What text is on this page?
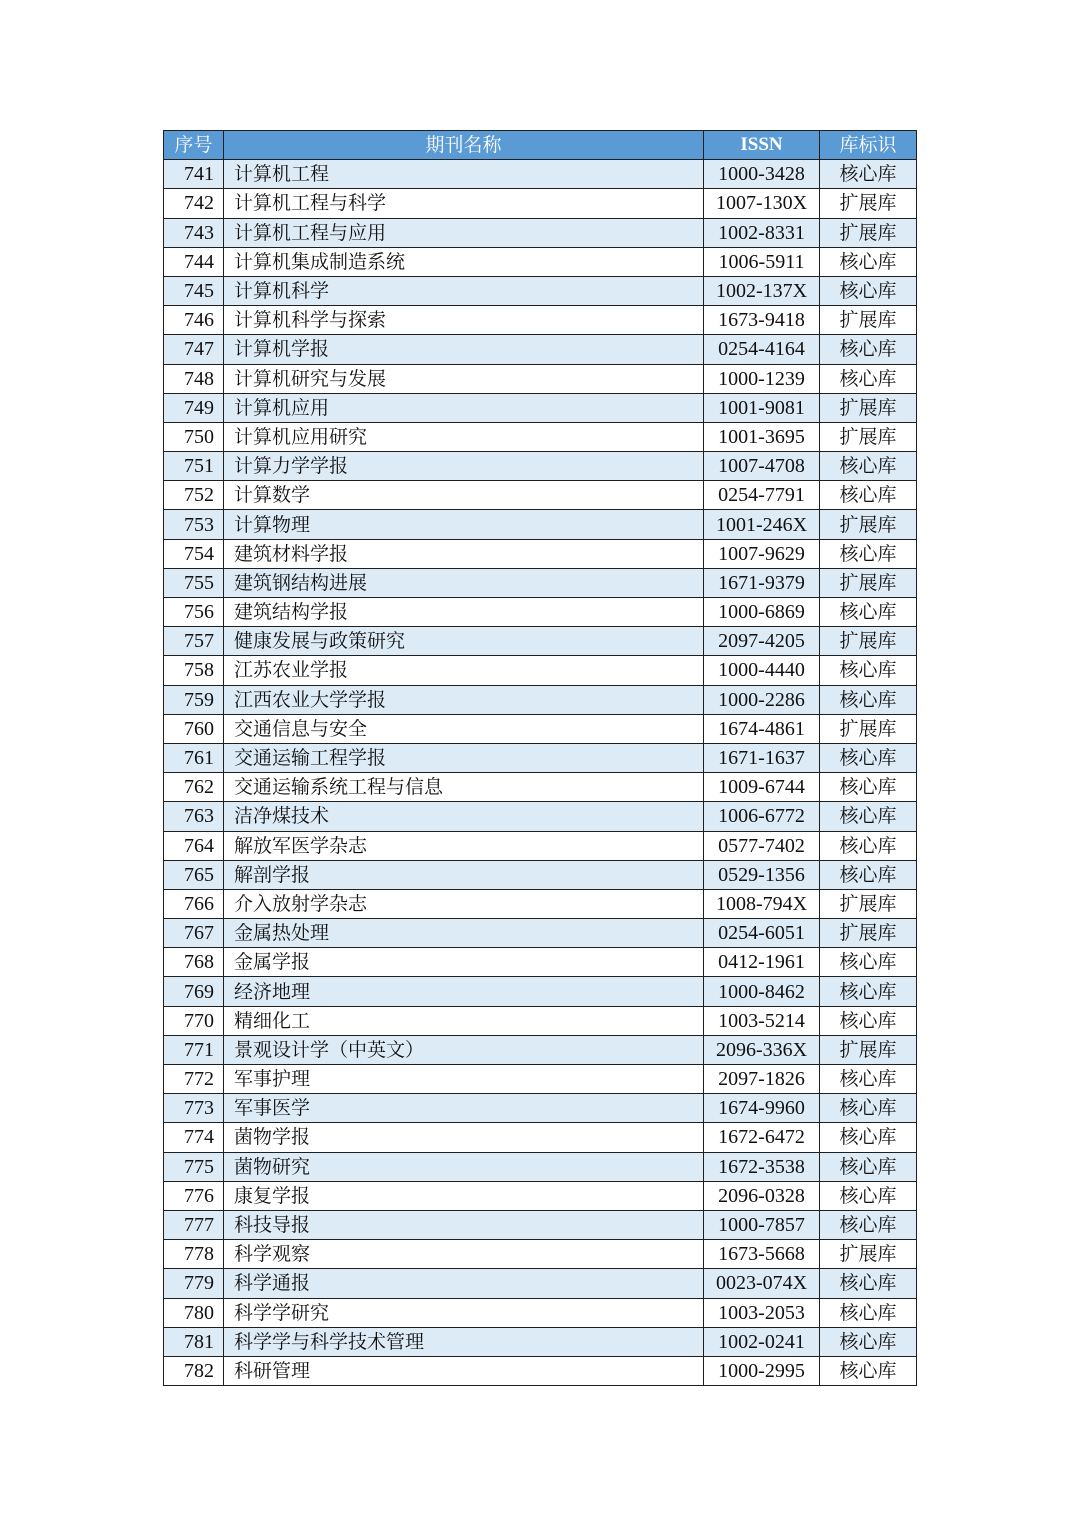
序号	期刊名称	ISSN	库标识
741	计算机工程	1000-3428	核心库
742	计算机工程与科学	1007-130X	扩展库
743	计算机工程与应用	1002-8331	扩展库
744	计算机集成制造系统	1006-5911	核心库
745	计算机科学	1002-137X	核心库
746	计算机科学与探索	1673-9418	扩展库
747	计算机学报	0254-4164	核心库
748	计算机研究与发展	1000-1239	核心库
749	计算机应用	1001-9081	扩展库
750	计算机应用研究	1001-3695	扩展库
751	计算力学学报	1007-4708	核心库
752	计算数学	0254-7791	核心库
753	计算物理	1001-246X	扩展库
754	建筑材料学报	1007-9629	核心库
755	建筑钢结构进展	1671-9379	扩展库
756	建筑结构学报	1000-6869	核心库
757	健康发展与政策研究	2097-4205	扩展库
758	江苏农业学报	1000-4440	核心库
759	江西农业大学学报	1000-2286	核心库
760	交通信息与安全	1674-4861	扩展库
761	交通运输工程学报	1671-1637	核心库
762	交通运输系统工程与信息	1009-6744	核心库
763	洁净煤技术	1006-6772	核心库
764	解放军医学杂志	0577-7402	核心库
765	解剖学报	0529-1356	核心库
766	介入放射学杂志	1008-794X	扩展库
767	金属热处理	0254-6051	扩展库
768	金属学报	0412-1961	核心库
769	经济地理	1000-8462	核心库
770	精细化工	1003-5214	核心库
771	景观设计学（中英文）	2096-336X	扩展库
772	军事护理	2097-1826	核心库
773	军事医学	1674-9960	核心库
774	菌物学报	1672-6472	核心库
775	菌物研究	1672-3538	核心库
776	康复学报	2096-0328	核心库
777	科技导报	1000-7857	核心库
778	科学观察	1673-5668	扩展库
779	科学通报	0023-074X	核心库
780	科学学研究	1003-2053	核心库
781	科学学与科学技术管理	1002-0241	核心库
782	科研管理	1000-2995	核心库
